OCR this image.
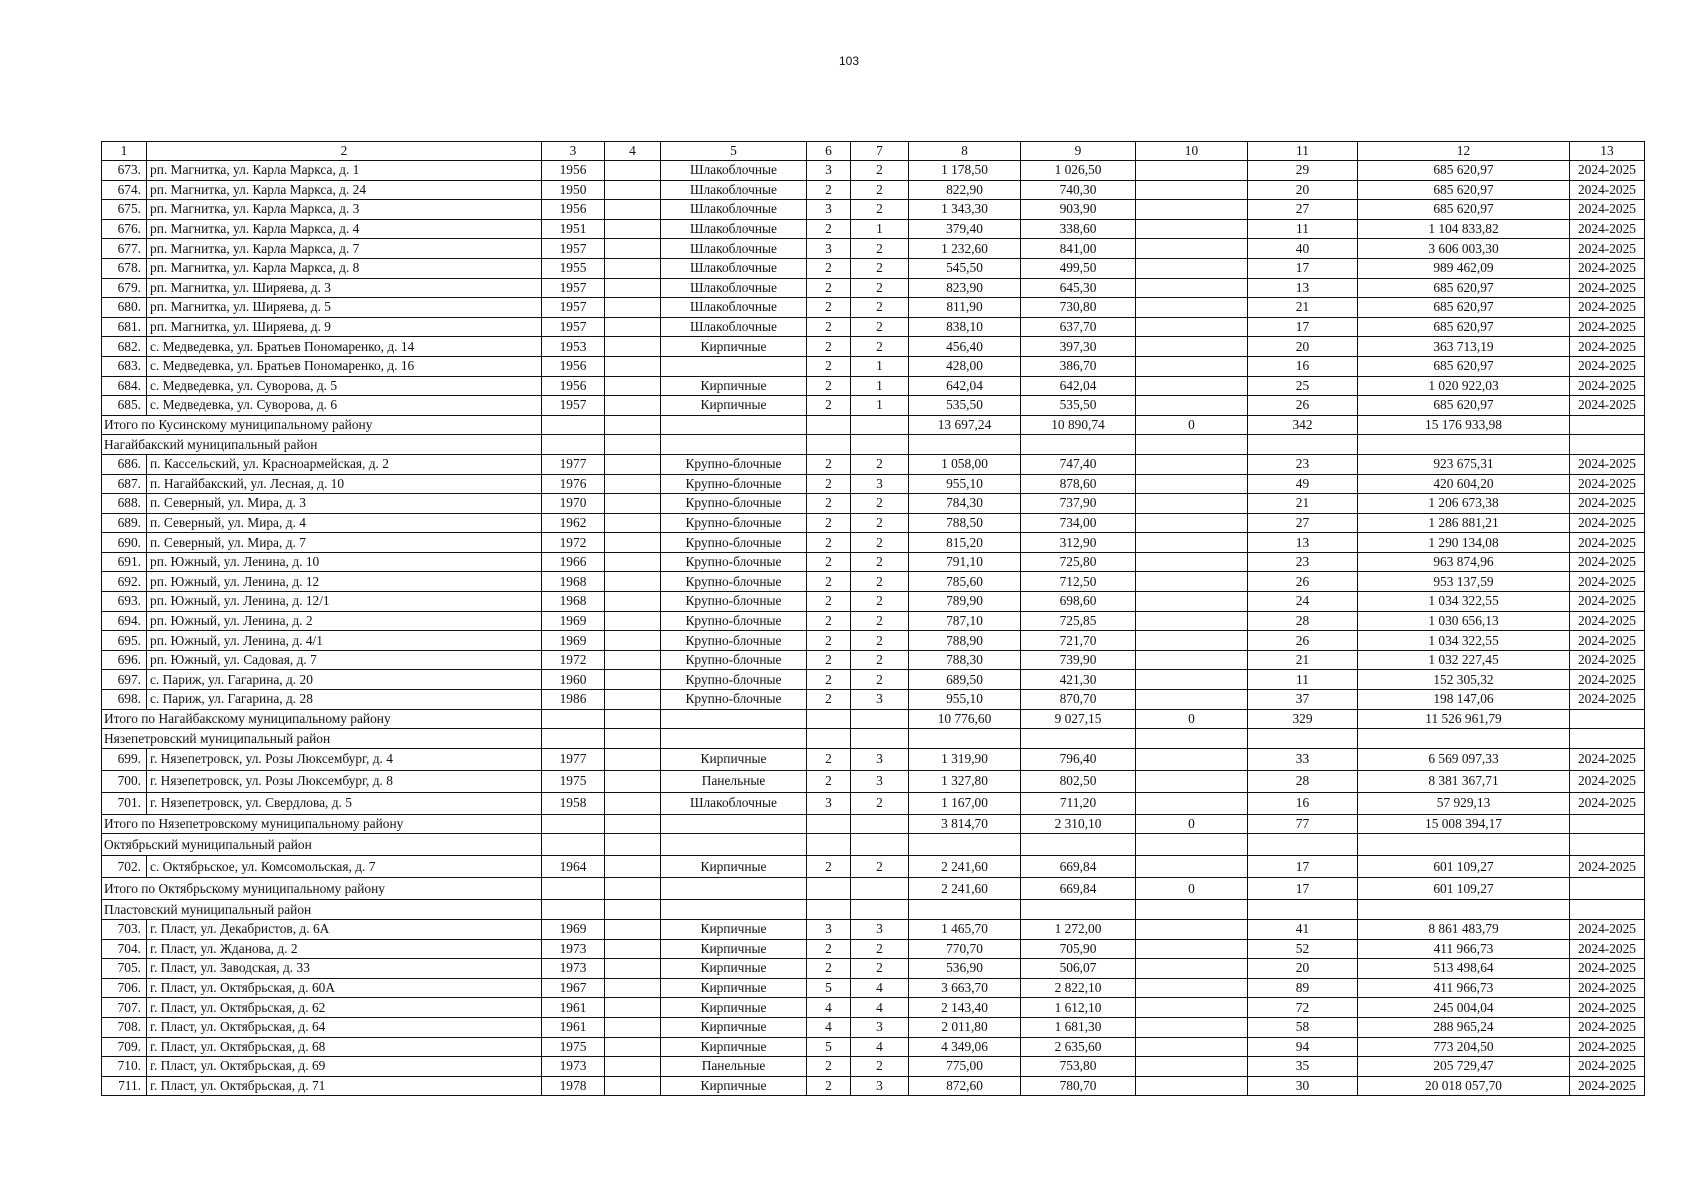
103
1	2	3	4	5	6	7	8	9	10	11	12	13
673.	рп. Магнитка, ул. Карла Маркса, д. 1	1956		Шлакоблочные	3	2	1 178,50	1 026,50		29	685 620,97	2024-2025
674.	рп. Магнитка, ул. Карла Маркса, д. 24	1950		Шлакоблочные	2	2	822,90	740,30		20	685 620,97	2024-2025
675.	рп. Магнитка, ул. Карла Маркса, д. 3	1956		Шлакоблочные	3	2	1 343,30	903,90		27	685 620,97	2024-2025
676.	рп. Магнитка, ул. Карла Маркса, д. 4	1951		Шлакоблочные	2	1	379,40	338,60		11	1 104 833,82	2024-2025
677.	рп. Магнитка, ул. Карла Маркса, д. 7	1957		Шлакоблочные	3	2	1 232,60	841,00		40	3 606 003,30	2024-2025
678.	рп. Магнитка, ул. Карла Маркса, д. 8	1955		Шлакоблочные	2	2	545,50	499,50		17	989 462,09	2024-2025
679.	рп. Магнитка, ул. Ширяева, д. 3	1957		Шлакоблочные	2	2	823,90	645,30		13	685 620,97	2024-2025
680.	рп. Магнитка, ул. Ширяева, д. 5	1957		Шлакоблочные	2	2	811,90	730,80		21	685 620,97	2024-2025
681.	рп. Магнитка, ул. Ширяева, д. 9	1957		Шлакоблочные	2	2	838,10	637,70		17	685 620,97	2024-2025
682.	с. Медведевка, ул. Братьев Пономаренко, д. 14	1953		Кирпичные	2	2	456,40	397,30		20	363 713,19	2024-2025
683.	с. Медведевка, ул. Братьев Пономаренко, д. 16	1956			2	1	428,00	386,70		16	685 620,97	2024-2025
684.	с. Медведевка, ул. Суворова, д. 5	1956		Кирпичные	2	1	642,04	642,04		25	1 020 922,03	2024-2025
685.	с. Медведевка, ул. Суворова, д. 6	1957		Кирпичные	2	1	535,50	535,50		26	685 620,97	2024-2025
Итого по Кусинскому муниципальному району							13 697,24	10 890,74	0	342	15 176 933,98	
Нагайбакский муниципальный район												
686.	п. Кассельский, ул. Красноармейская, д. 2	1977		Крупно-блочные	2	2	1 058,00	747,40		23	923 675,31	2024-2025
687.	п. Нагайбакский, ул. Лесная, д. 10	1976		Крупно-блочные	2	3	955,10	878,60		49	420 604,20	2024-2025
688.	п. Северный, ул. Мира, д. 3	1970		Крупно-блочные	2	2	784,30	737,90		21	1 206 673,38	2024-2025
689.	п. Северный, ул. Мира, д. 4	1962		Крупно-блочные	2	2	788,50	734,00		27	1 286 881,21	2024-2025
690.	п. Северный, ул. Мира, д. 7	1972		Крупно-блочные	2	2	815,20	312,90		13	1 290 134,08	2024-2025
691.	рп. Южный, ул. Ленина, д. 10	1966		Крупно-блочные	2	2	791,10	725,80		23	963 874,96	2024-2025
692.	рп. Южный, ул. Ленина, д. 12	1968		Крупно-блочные	2	2	785,60	712,50		26	953 137,59	2024-2025
693.	рп. Южный, ул. Ленина, д. 12/1	1968		Крупно-блочные	2	2	789,90	698,60		24	1 034 322,55	2024-2025
694.	рп. Южный, ул. Ленина, д. 2	1969		Крупно-блочные	2	2	787,10	725,85		28	1 030 656,13	2024-2025
695.	рп. Южный, ул. Ленина, д. 4/1	1969		Крупно-блочные	2	2	788,90	721,70		26	1 034 322,55	2024-2025
696.	рп. Южный, ул. Садовая, д. 7	1972		Крупно-блочные	2	2	788,30	739,90		21	1 032 227,45	2024-2025
697.	с. Париж, ул. Гагарина, д. 20	1960		Крупно-блочные	2	2	689,50	421,30		11	152 305,32	2024-2025
698.	с. Париж, ул. Гагарина, д. 28	1986		Крупно-блочные	2	3	955,10	870,70		37	198 147,06	2024-2025
Итого по Нагайбакскому муниципальному району							10 776,60	9 027,15	0	329	11 526 961,79	
Нязепетровский муниципальный район												
699.	г. Нязепетровск, ул. Розы Люксембург, д. 4	1977		Кирпичные	2	3	1 319,90	796,40		33	6 569 097,33	2024-2025
700.	г. Нязепетровск, ул. Розы Люксембург, д. 8	1975		Панельные	2	3	1 327,80	802,50		28	8 381 367,71	2024-2025
701.	г. Нязепетровск, ул. Свердлова, д. 5	1958		Шлакоблочные	3	2	1 167,00	711,20		16	57 929,13	2024-2025
Итого по Нязепетровскому муниципальному району							3 814,70	2 310,10	0	77	15 008 394,17	
Октябрьский муниципальный район												
702.	с. Октябрьское, ул. Комсомольская, д. 7	1964		Кирпичные	2	2	2 241,60	669,84		17	601 109,27	2024-2025
Итого по Октябрьскому муниципальному району							2 241,60	669,84	0	17	601 109,27	
Пластовский муниципальный район												
703.	г. Пласт, ул. Декабристов, д. 6А	1969		Кирпичные	3	3	1 465,70	1 272,00		41	8 861 483,79	2024-2025
704.	г. Пласт, ул. Жданова, д. 2	1973		Кирпичные	2	2	770,70	705,90		52	411 966,73	2024-2025
705.	г. Пласт, ул. Заводская, д. 33	1973		Кирпичные	2	2	536,90	506,07		20	513 498,64	2024-2025
706.	г. Пласт, ул. Октябрьская, д. 60А	1967		Кирпичные	5	4	3 663,70	2 822,10		89	411 966,73	2024-2025
707.	г. Пласт, ул. Октябрьская, д. 62	1961		Кирпичные	4	4	2 143,40	1 612,10		72	245 004,04	2024-2025
708.	г. Пласт, ул. Октябрьская, д. 64	1961		Кирпичные	4	3	2 011,80	1 681,30		58	288 965,24	2024-2025
709.	г. Пласт, ул. Октябрьская, д. 68	1975		Кирпичные	5	4	4 349,06	2 635,60		94	773 204,50	2024-2025
710.	г. Пласт, ул. Октябрьская, д. 69	1973		Панельные	2	2	775,00	753,80		35	205 729,47	2024-2025
711.	г. Пласт, ул. Октябрьская, д. 71	1978		Кирпичные	2	3	872,60	780,70		30	20 018 057,70	2024-2025
